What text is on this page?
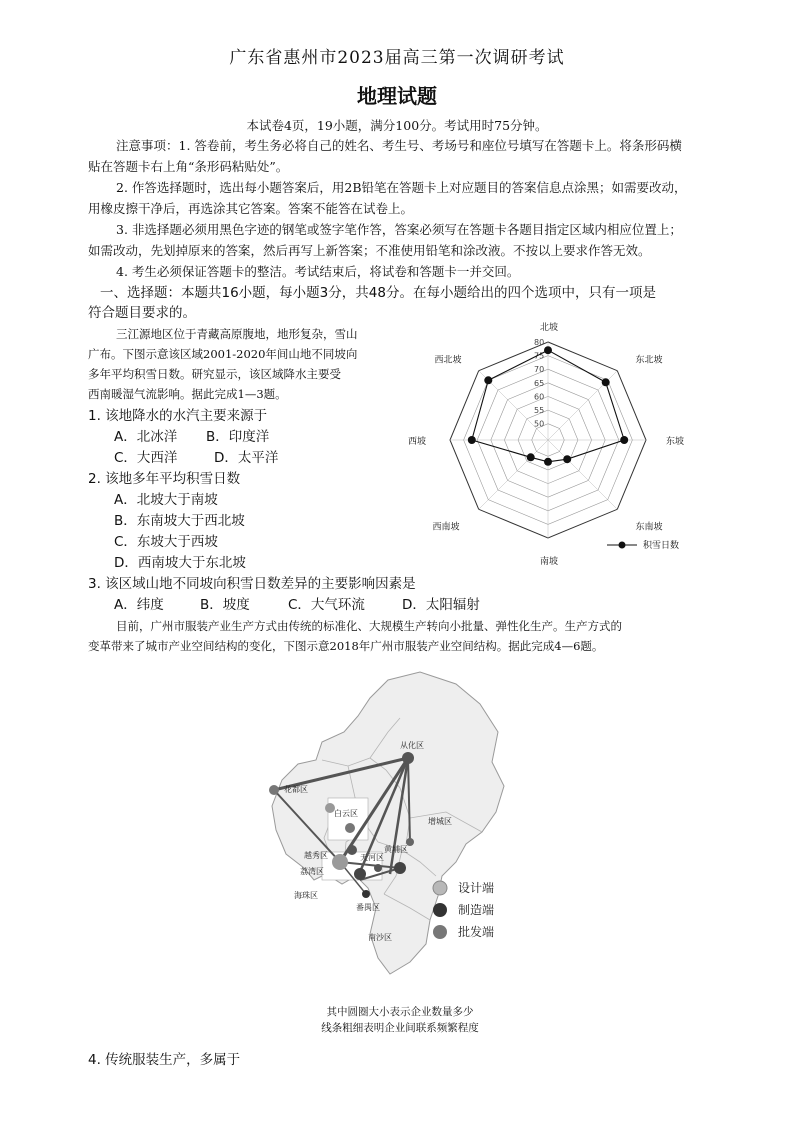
广东省惠州市2023届高三第一次调研考试
地理试题
本试卷4页，19小题，满分100分。考试用时75分钟。
注意事项：1. 答卷前，考生务必将自己的姓名、考生号、考场号和座位号填写在答题卡上。将条形码横
贴在答题卡右上角“条形码粘贴处”。
2. 作答选择题时，选出每小题答案后，用2B铅笔在答题卡上对应题目的答案信息点涂黑；如需要改动，
用橡皮擦干净后，再选涂其它答案。答案不能答在试卷上。
3. 非选择题必须用黑色字迹的钢笔或签字笔作答，答案必须写在答题卡各题目指定区域内相应位置上；
如需改动，先划掉原来的答案，然后再写上新答案；不准使用铅笔和涂改液。不按以上要求作答无效。
4. 考生必须保证答题卡的整洁。考试结束后，将试卷和答题卡一并交回。
一、选择题：本题共16小题，每小题3分，共48分。在每小题给出的四个选项中，只有一项是
符合题目要求的。
三江源地区位于青藏高原腹地，地形复杂，雪山
广布。下图示意该区域2001-2020年间山地不同坡向
多年平均积雪日数。研究显示，该区域降水主要受
西南暖湿气流影响。据此完成1—3题。
1. 该地降水的水汽主要来源于
A．北冰洋 B．印度洋
C．大西洋	D．太平洋
2. 该地多年平均积雪日数
A．北坡大于南坡
B．东南坡大于西北坡
C．东坡大于西坡
D．西南坡大于东北坡
3. 该区域山地不同坡向积雪日数差异的主要影响因素是
A．纬度	B．坡度	C．大气环流	D．太阳辐射
目前，广州市服装产业生产方式由传统的标准化、大规模生产转向小批量、弹性化生产。生产方式的
变革带来了城市产业空间结构的变化，下图示意2018年广州市服装产业空间结构。据此完成4—6题。
50
55
60
65
70
75
80
北坡
东北坡
东坡
东南坡
南坡
西南坡
西坡
西北坡
积雪日数
从化区
花都区
白云区
增城区
越秀区	天河区
荔湾区
海珠区
番禺区
南沙区
黄埔区
设计端
制造端
批发端
其中圆圈大小表示企业数量多少
线条粗细表明企业间联系频繁程度
4. 传统服装生产，多属于
